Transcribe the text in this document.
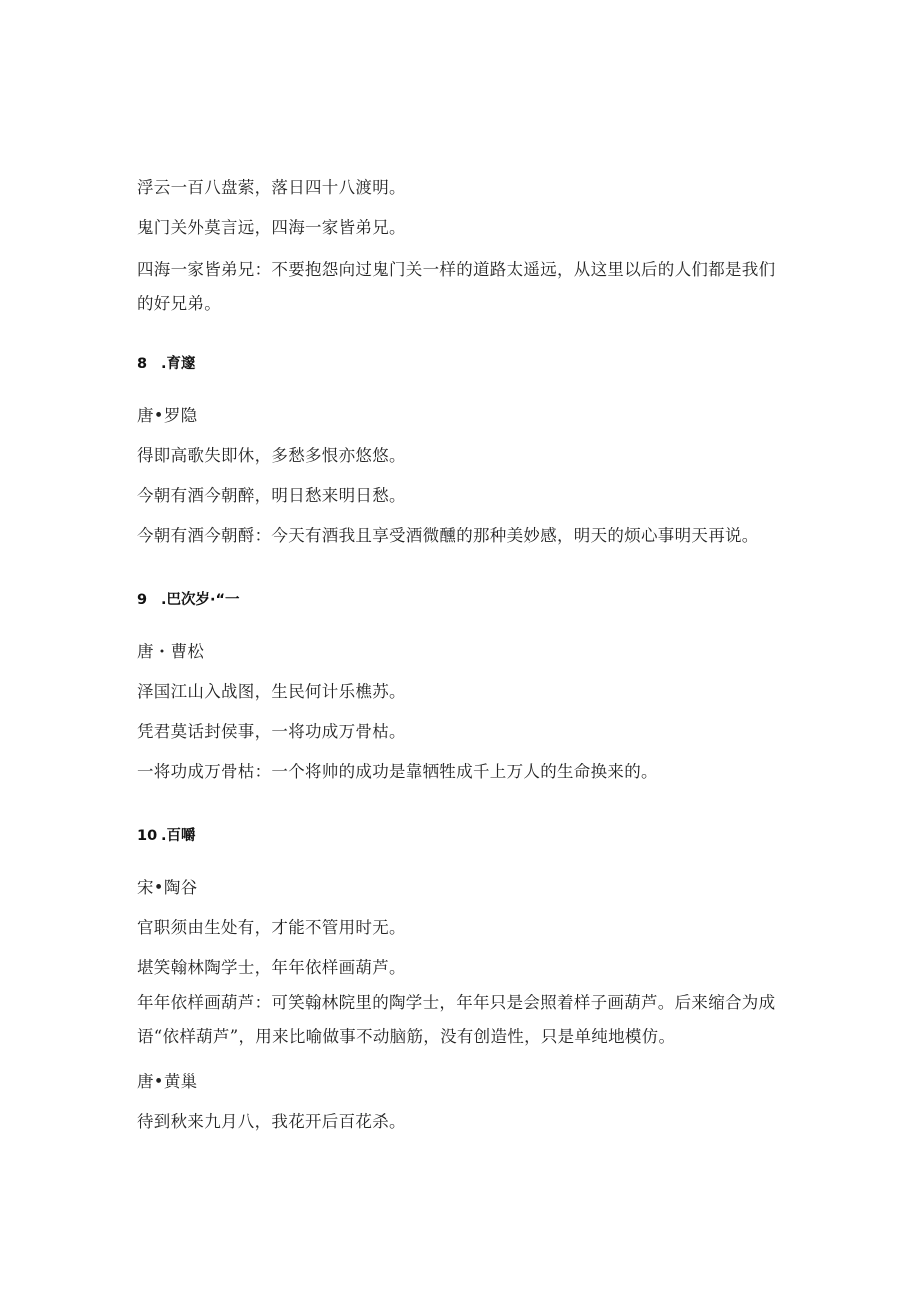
浮云一百八盘萦，落日四十八渡明。
鬼门关外莫言远，四海一家皆弟兄。
四海一家皆弟兄：不要抱怨向过鬼门关一样的道路太遥远，从这里以后的人们都是我们的好兄弟。
8 .育邃
唐•罗隐
得即高歌失即休，多愁多恨亦悠悠。
今朝有酒今朝醉，明日愁来明日愁。
今朝有酒今朝酹：今天有酒我且享受酒微醺的那种美妙感，明天的烦心事明天再说。
9 .巴次岁·“一
唐・曹松
泽国江山入战图，生民何计乐樵苏。
凭君莫话封侯事，一将功成万骨枯。
一将功成万骨枯：一个将帅的成功是靠牺牲成千上万人的生命换来的。
10 .百嚼
宋•陶谷
官职须由生处有，才能不管用时无。
堪笑翰林陶学士，年年依样画葫芦。
年年依样画葫芦：可笑翰林院里的陶学士，年年只是会照着样子画葫芦。后来缩合为成语“依样葫芦”，用来比喻做事不动脑筋，没有创造性，只是单纯地模仿。
唐•黄巢
待到秋来九月八，我花开后百花杀。
